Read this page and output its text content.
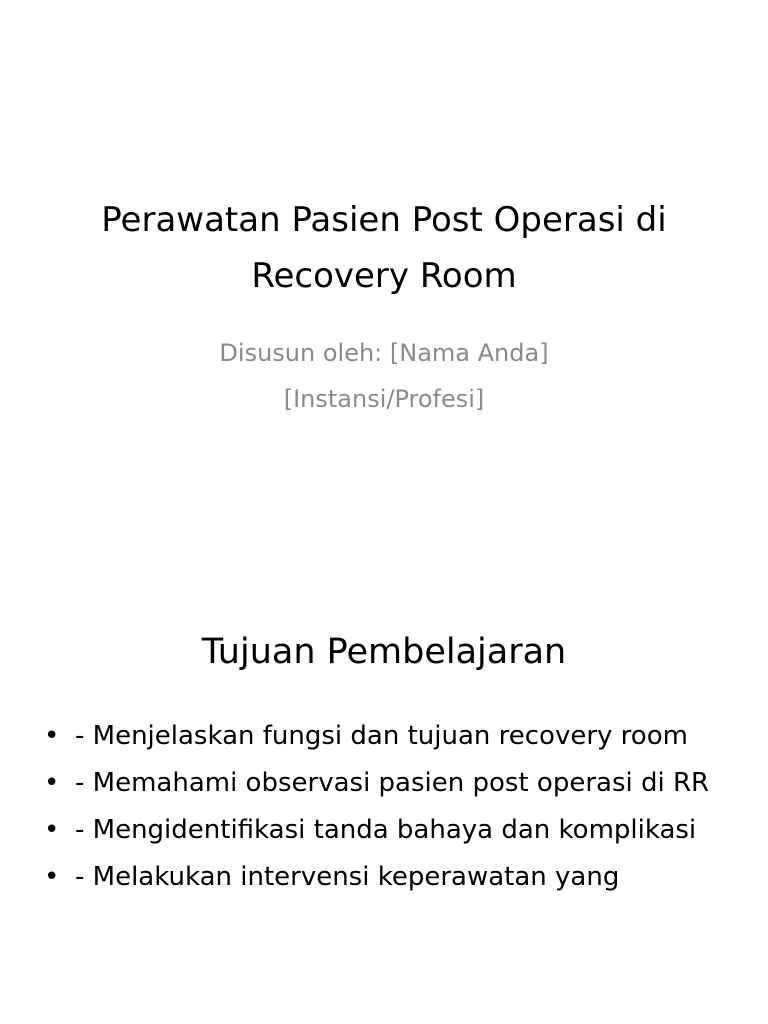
Perawatan Pasien Post Operasi di Recovery Room
Disusun oleh: [Nama Anda]
[Instansi/Profesi]
Tujuan Pembelajaran
• - Menjelaskan fungsi dan tujuan recovery room
• - Memahami observasi pasien post operasi di RR
• - Mengidentifikasi tanda bahaya dan komplikasi
• - Melakukan intervensi keperawatan yang
